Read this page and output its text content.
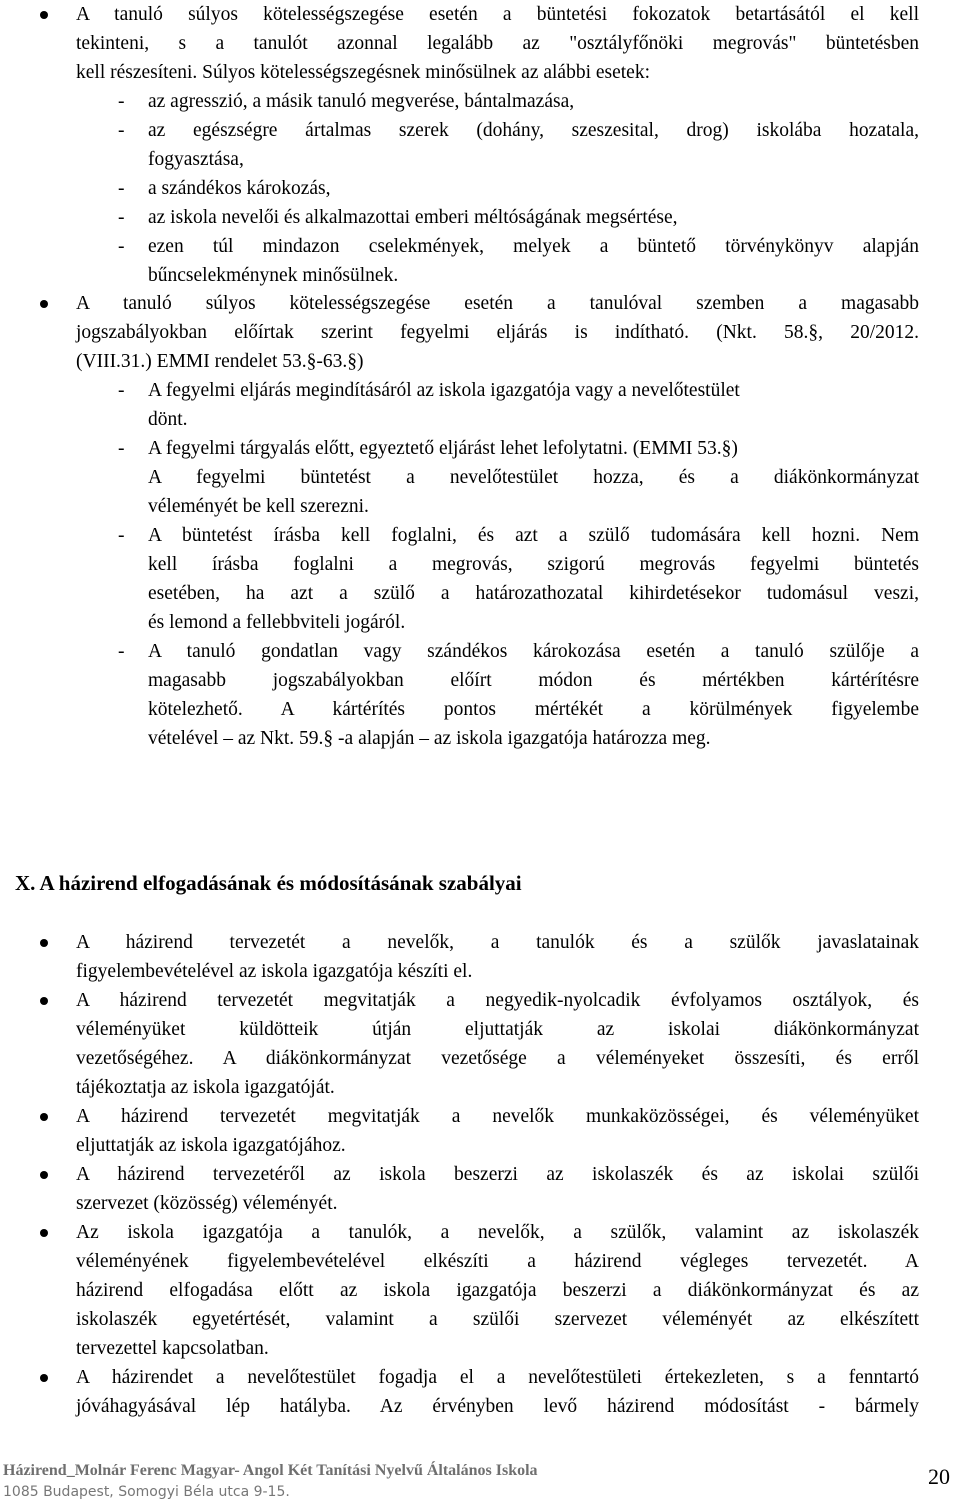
A tanuló súlyos kötelességszegése esetén a büntetési fokozatok betartásától el kell
tekinteni, s a tanulót azonnal legalább az "osztályfőnöki megrovás" büntetésben
kell részesíteni. Súlyos kötelességszegésnek minősülnek az alábbi esetek:
- az agresszió, a másik tanuló megverése, bántalmazása,
- az egészségre ártalmas szerek (dohány, szeszesital, drog) iskolába hozatala,
fogyasztása,
- a szándékos károkozás,
- az iskola nevelői és alkalmazottai emberi méltóságának megsértése,
- ezen túl mindazon cselekmények, melyek a büntető törvénykönyv alapján
bűncselekménynek minősülnek.
A tanuló súlyos kötelességszegése esetén a tanulóval szemben a magasabb
jogszabályokban előírtak szerint fegyelmi eljárás is indítható. (Nkt. 58.§, 20/2012.
(VIII.31.) EMMI rendelet 53.§-63.§)
- A fegyelmi eljárás megindításáról az iskola igazgatója vagy a nevelőtestület
dönt.
- A fegyelmi tárgyalás előtt, egyeztető eljárást lehet lefolytatni. (EMMI 53.§)
A fegyelmi büntetést a nevelőtestület hozza, és a diákönkormányzat
véleményét be kell szerezni.
- A büntetést írásba kell foglalni, és azt a szülő tudomására kell hozni. Nem
kell írásba foglalni a megrovás, szigorú megrovás fegyelmi büntetés
esetében, ha azt a szülő a határozathozatal kihirdetésekor tudomásul veszi,
és lemond a fellebbviteli jogáról.
- A tanuló gondatlan vagy szándékos károkozása esetén a tanuló szülője a
magasabb jogszabályokban előírt módon és mértékben kártérítésre
kötelezhető. A kártérítés pontos mértékét a körülmények figyelembe
vételével – az Nkt. 59.§ -a alapján – az iskola igazgatója határozza meg.
X. A házirend elfogadásának és módosításának szabályai
A házirend tervezetét a nevelők, a tanulók és a szülők javaslatainak
figyelembevételével az iskola igazgatója készíti el.
A házirend tervezetét megvitatják a negyedik-nyolcadik évfolyamos osztályok, és
véleményüket küldötteik útján eljuttatják az iskolai diákönkormányzat
vezetőségéhez. A diákönkormányzat vezetősége a véleményeket összesíti, és erről
tájékoztatja az iskola igazgatóját.
A házirend tervezetét megvitatják a nevelők munkaközösségei, és véleményüket
eljuttatják az iskola igazgatójához.
A házirend tervezetéről az iskola beszerzi az iskolaszék és az iskolai szülői
szervezet (közösség) véleményét.
Az iskola igazgatója a tanulók, a nevelők, a szülők, valamint az iskolaszék
véleményének figyelembevételével elkészíti a házirend végleges tervezetét. A
házirend elfogadása előtt az iskola igazgatója beszerzi a diákönkormányzat és az
iskolaszék egyetértését, valamint a szülői szervezet véleményét az elkészített
tervezettel kapcsolatban.
A házirendet a nevelőtestület fogadja el a nevelőtestületi értekezleten, s a fenntartó
jóváhagyásával lép hatályba. Az érvényben levő házirend módosítást - bármely
Házirend_Molnár Ferenc Magyar- Angol Két Tanítási Nyelvű Általános Iskola
1085 Budapest, Somogyi Béla utca 9-15.
20
